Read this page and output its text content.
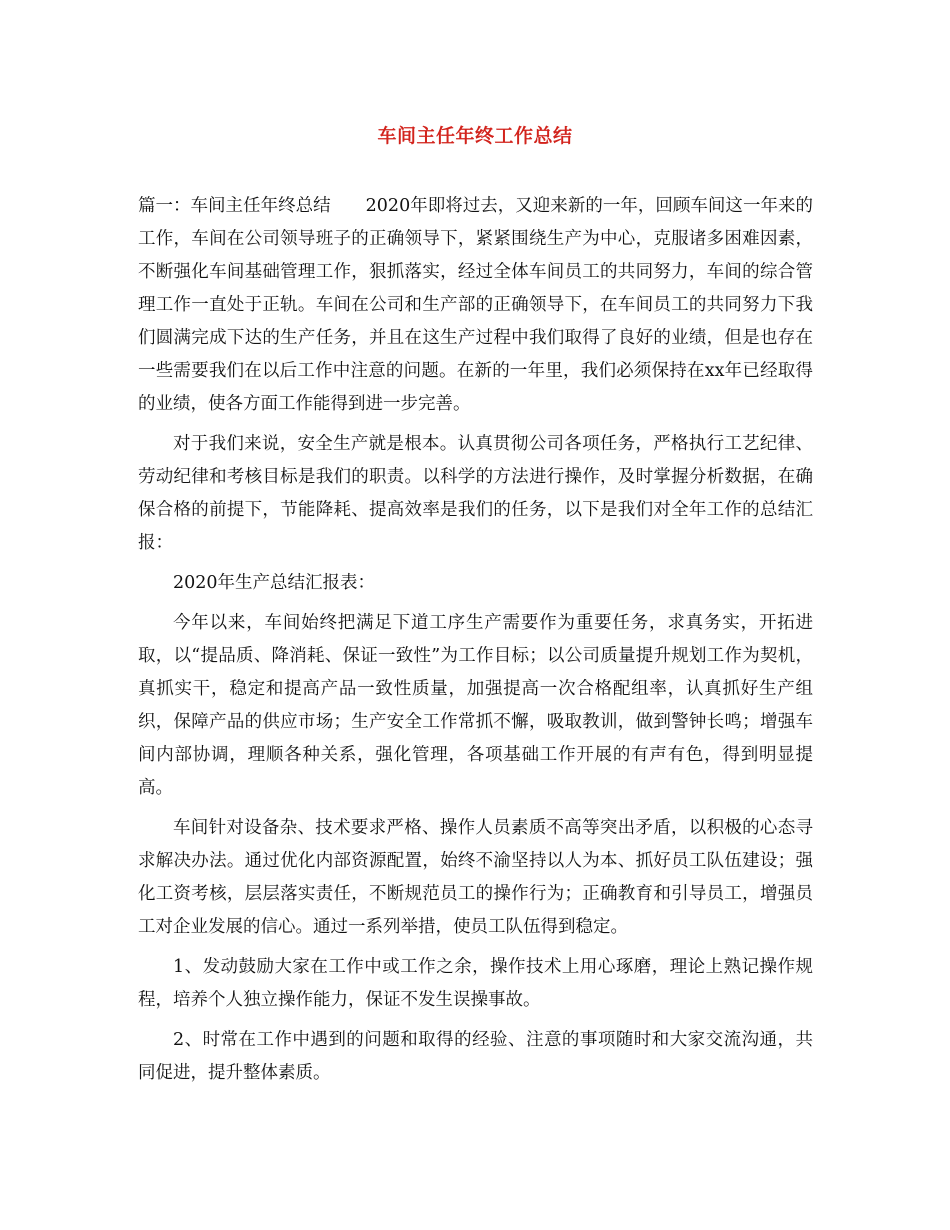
车间主任年终工作总结

篇一：车间主任年终总结　　2020年即将过去，又迎来新的一年，回顾车间这一年来的工作，车间在公司领导班子的正确领导下，紧紧围绕生产为中心，克服诸多困难因素，不断强化车间基础管理工作，狠抓落实，经过全体车间员工的共同努力，车间的综合管理工作一直处于正轨。车间在公司和生产部的正确领导下，在车间员工的共同努力下我们圆满完成下达的生产任务，并且在这生产过程中我们取得了良好的业绩，但是也存在一些需要我们在以后工作中注意的问题。在新的一年里，我们必须保持在xx年已经取得的业绩，使各方面工作能得到进一步完善。

对于我们来说，安全生产就是根本。认真贯彻公司各项任务，严格执行工艺纪律、劳动纪律和考核目标是我们的职责。以科学的方法进行操作，及时掌握分析数据，在确保合格的前提下，节能降耗、提高效率是我们的任务，以下是我们对全年工作的总结汇报：

2020年生产总结汇报表：

今年以来，车间始终把满足下道工序生产需要作为重要任务，求真务实，开拓进取，以“提品质、降消耗、保证一致性”为工作目标；以公司质量提升规划工作为契机，真抓实干，稳定和提高产品一致性质量，加强提高一次合格配组率，认真抓好生产组织，保障产品的供应市场；生产安全工作常抓不懈，吸取教训，做到警钟长鸣；增强车间内部协调，理顺各种关系，强化管理，各项基础工作开展的有声有色，得到明显提高。

车间针对设备杂、技术要求严格、操作人员素质不高等突出矛盾，以积极的心态寻求解决办法。通过优化内部资源配置，始终不渝坚持以人为本、抓好员工队伍建设；强化工资考核，层层落实责任，不断规范员工的操作行为；正确教育和引导员工，增强员工对企业发展的信心。通过一系列举措，使员工队伍得到稳定。

1、发动鼓励大家在工作中或工作之余，操作技术上用心琢磨，理论上熟记操作规程，培养个人独立操作能力，保证不发生误操事故。

2、时常在工作中遇到的问题和取得的经验、注意的事项随时和大家交流沟通，共同促进，提升整体素质。
